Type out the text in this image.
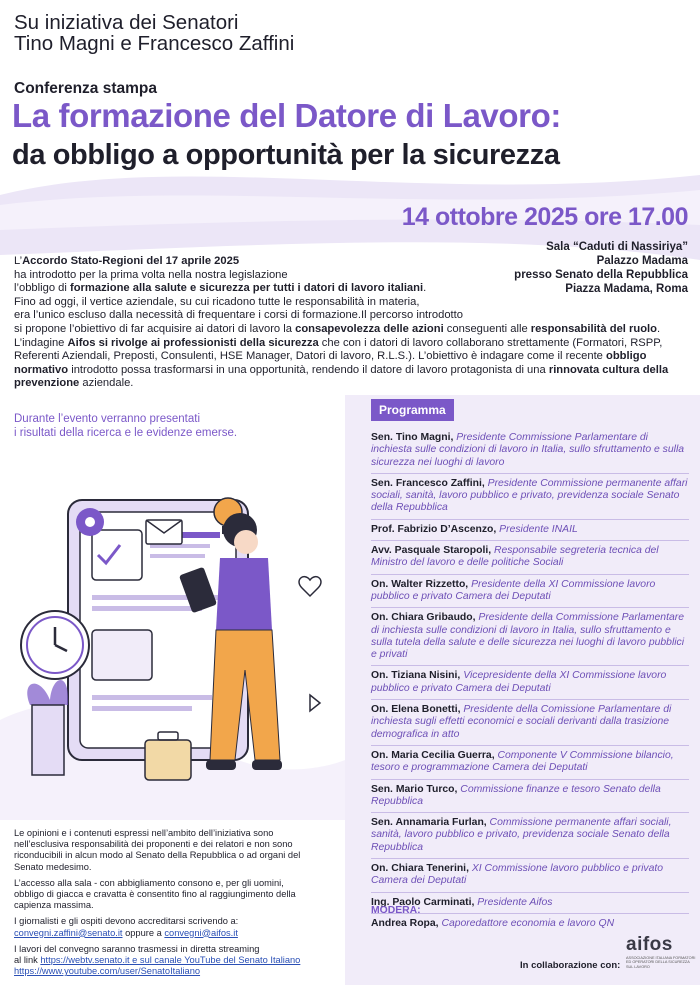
Su iniziativa dei Senatori
Tino Magni e Francesco Zaffini
Conferenza stampa
La formazione del Datore di Lavoro:
da obbligo a opportunità per la sicurezza
14 ottobre 2025 ore 17.00
Sala “Caduti di Nassiriya”
Palazzo Madama
presso Senato della Repubblica
Piazza Madama, Roma
L’Accordo Stato-Regioni del 17 aprile 2025
ha introdotto per la prima volta nella nostra legislazione
l’obbligo di formazione alla salute e sicurezza per tutti i datori di lavoro italiani.
Fino ad oggi, il vertice aziendale, su cui ricadono tutte le responsabilità in materia,
era l’unico escluso dalla necessità di frequentare i corsi di formazione.Il percorso introdotto
si propone l’obiettivo di far acquisire ai datori di lavoro la consapevolezza delle azioni conseguenti alle responsabilità del ruolo.
L’indagine Aifos si rivolge ai professionisti della sicurezza che con i datori di lavoro collaborano strettamente (Formatori, RSPP, Referenti Aziendali, Preposti, Consulenti, HSE Manager, Datori di lavoro, R.L.S.). L’obiettivo è indagare come il recente obbligo normativo introdotto possa trasformarsi in una opportunità, rendendo il datore di lavoro protagonista di una rinnovata cultura della prevenzione aziendale.
Durante l’evento verranno presentati
i risultati della ricerca e le evidenze emerse.
Programma
Sen. Tino Magni, Presidente Commissione Parlamentare di inchiesta sulle condizioni di lavoro in Italia, sullo sfruttamento e sulla sicurezza nei luoghi di lavoro
Sen. Francesco Zaffini, Presidente Commissione permanente affari sociali, sanità, lavoro pubblico e privato, previdenza sociale Senato della Repubblica
Prof. Fabrizio D’Ascenzo, Presidente INAIL
Avv. Pasquale Staropoli, Responsabile segreteria tecnica del Ministro del lavoro e delle politiche Sociali
On. Walter Rizzetto, Presidente della XI Commissione lavoro pubblico e privato Camera dei Deputati
On. Chiara Gribaudo, Presidente della Commissione Parlamentare di inchiesta sulle condizioni di lavoro in Italia, sullo sfruttamento e sulla tutela della salute e delle sicurezza nei luoghi di lavoro pubblici e privati
On. Tiziana Nisini, Vicepresidente della XI Commissione lavoro pubblico e privato Camera dei Deputati
On. Elena Bonetti, Presidente della Comissione Parlamentare di inchiesta sugli effetti economici e sociali derivanti dalla trasizione demografica in atto
On. Maria Cecilia Guerra, Componente V Commissione bilancio, tesoro e programmazione Camera dei Deputati
Sen. Mario Turco, Commissione finanze e tesoro Senato della Repubblica
Sen. Annamaria Furlan, Commissione permanente affari sociali, sanità, lavoro pubblico e privato, previdenza sociale Senato della Repubblica
On. Chiara Tenerini, XI Commissione lavoro pubblico e privato Camera dei Deputati
Ing. Paolo Carminati, Presidente Aifos
MODERA:
Andrea Ropa, Caporedattore economia e lavoro QN
In collaborazione con:
aifos
ASSOCIAZIONE ITALIANA FORMATORI ED OPERATORI DELLA SICUREZZA SUL LAVORO

Le opinioni e i contenuti espressi nell’ambito dell’iniziativa sono nell’esclusiva responsabilità dei proponenti e dei relatori e non sono riconducibili in alcun modo al Senato della Repubblica o ad organi del Senato medesimo.

L’accesso alla sala - con abbigliamento consono e, per gli uomini, obbligo di giacca e cravatta è consentito fino al raggiungimento della capienza massima.

I giornalisti e gli ospiti devono accreditarsi scrivendo a:
convegni.zaffini@senato.it oppure a convegni@aifos.it

I lavori del convegno saranno trasmessi in diretta streaming
al link https://webtv.senato.it e sul canale YouTube del Senato Italiano
https://www.youtube.com/user/SenatoItaliano
